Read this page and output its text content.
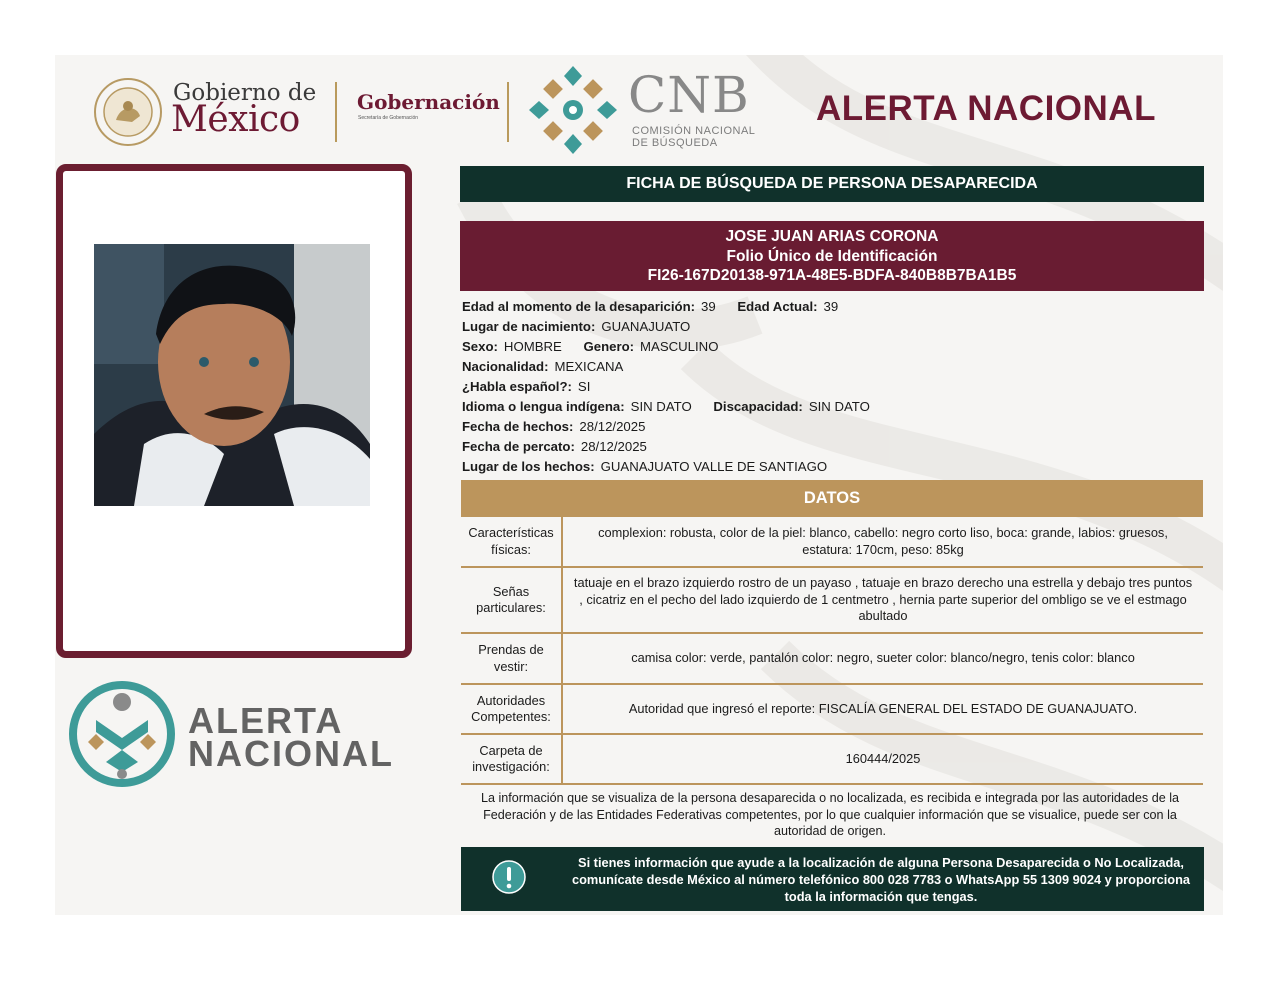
Gobierno de
México	Gobernación
Secretaría de Gobernación	CNB
COMISIÓN NACIONAL
DE BÚSQUEDA
ALERTA NACIONAL
ALERTA
NACIONAL
FICHA DE BÚSQUEDA DE PERSONA DESAPARECIDA
JOSE JUAN ARIAS CORONA
Folio Único de Identificación
FI26-167D20138-971A-48E5-BDFA-840B8B7BA1B5
Edad al momento de la desaparición: 39 Edad Actual: 39
Lugar de nacimiento: GUANAJUATO
Sexo: HOMBRE Genero: MASCULINO
Nacionalidad: MEXICANA
¿Habla español?: SI
Idioma o lengua indígena: SIN DATO Discapacidad: SIN DATO
Fecha de hechos: 28/12/2025
Fecha de percato: 28/12/2025
Lugar de los hechos: GUANAJUATO VALLE DE SANTIAGO
DATOS
Características físicas:
complexion: robusta, color de la piel: blanco, cabello: negro corto liso, boca: grande, labios: gruesos, estatura: 170cm, peso: 85kg
Señas particulares:
tatuaje en el brazo izquierdo rostro de un payaso , tatuaje en brazo derecho una estrella y debajo tres puntos , cicatriz en el pecho del lado izquierdo de 1 centmetro , hernia parte superior del ombligo se ve el estmago abultado
Prendas de vestir:
camisa color: verde, pantalón color: negro, sueter color: blanco/negro, tenis color: blanco
Autoridades Competentes:
Autoridad que ingresó el reporte: FISCALÍA GENERAL DEL ESTADO DE GUANAJUATO.
Carpeta de investigación:
160444/2025
La información que se visualiza de la persona desaparecida o no localizada, es recibida e integrada por las autoridades de la Federación y de las Entidades Federativas competentes, por lo que cualquier información que se visualice, puede ser con la autoridad de origen.
Si tienes información que ayude a la localización de alguna Persona Desaparecida o No Localizada, comunícate desde México al número telefónico 800 028 7783 o WhatsApp 55 1309 9024 y proporciona toda la información que tengas.
